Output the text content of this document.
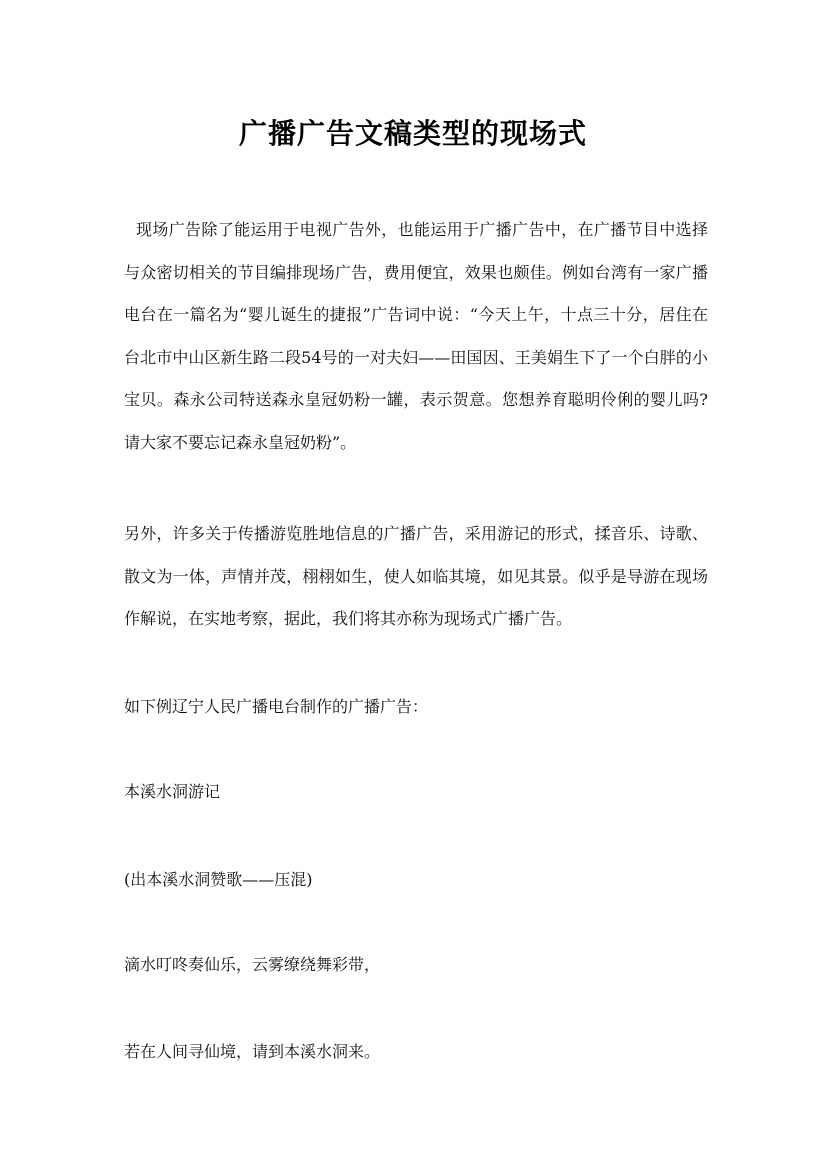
广播广告文稿类型的现场式

现场广告除了能运用于电视广告外，也能运用于广播广告中，在广播节目中选择与众密切相关的节目编排现场广告，费用便宜，效果也颇佳。例如台湾有一家广播电台在一篇名为“婴儿诞生的捷报”广告词中说：“今天上午，十点三十分，居住在台北市中山区新生路二段54号的一对夫妇——田国因、王美娟生下了一个白胖的小宝贝。森永公司特送森永皇冠奶粉一罐，表示贺意。您想养育聪明伶俐的婴儿吗?请大家不要忘记森永皇冠奶粉”。

另外，许多关于传播游览胜地信息的广播广告，采用游记的形式，揉音乐、诗歌、散文为一体，声情并茂，栩栩如生，使人如临其境，如见其景。似乎是导游在现场作解说，在实地考察，据此，我们将其亦称为现场式广播广告。

如下例辽宁人民广播电台制作的广播广告：

本溪水洞游记

(出本溪水洞赞歌——压混)

滴水叮咚奏仙乐，云雾缭绕舞彩带，

若在人间寻仙境，请到本溪水洞来。
